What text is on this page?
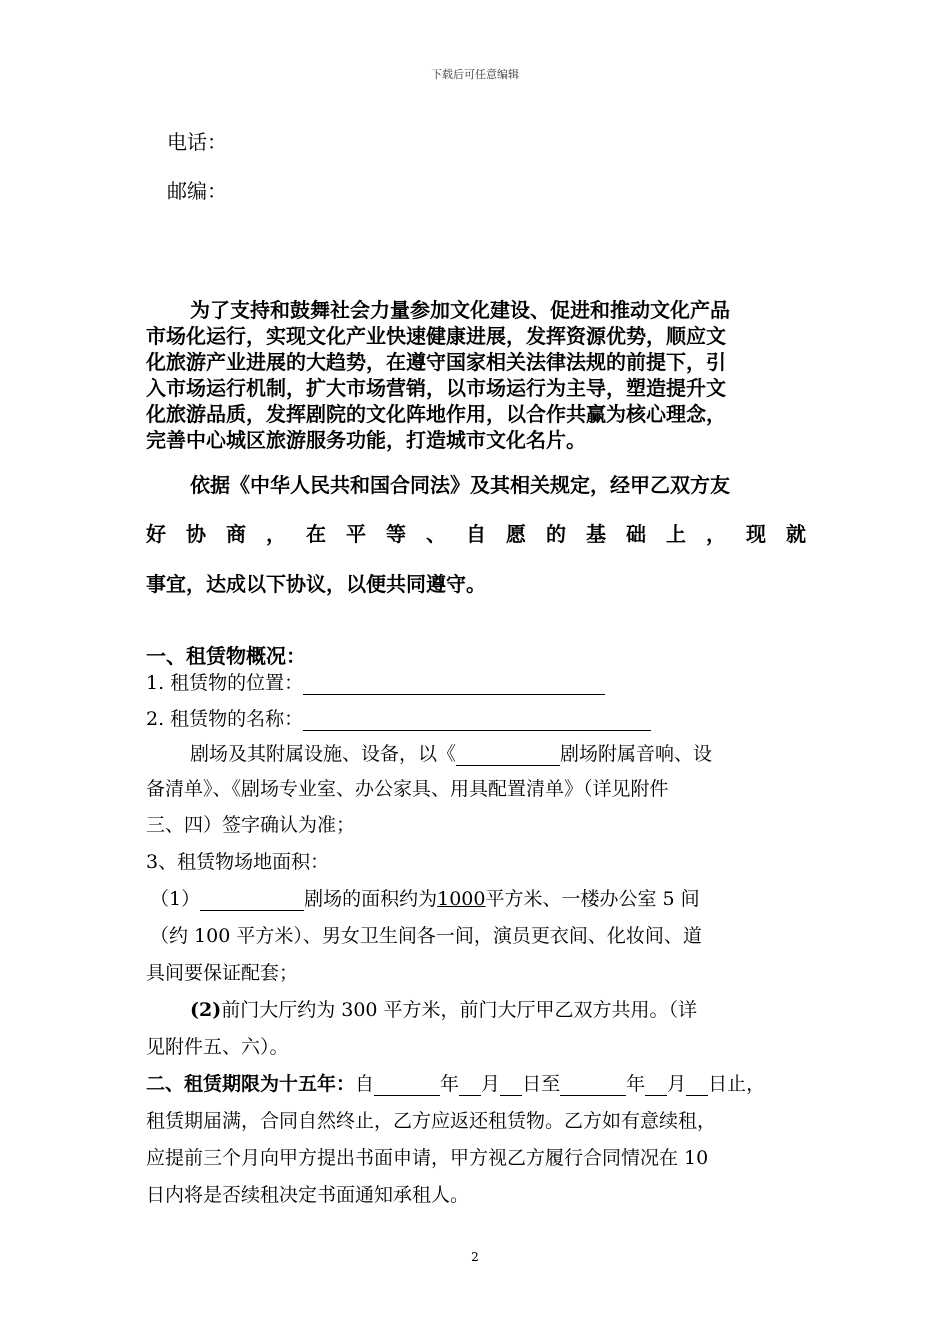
下载后可任意编辑
电话：
邮编：
为了支持和鼓舞社会力量参加文化建设、促进和推动文化产品
市场化运行，实现文化产业快速健康进展，发挥资源优势，顺应文
化旅游产业进展的大趋势，在遵守国家相关法律法规的前提下，引
入市场运行机制，扩大市场营销，以市场运行为主导，塑造提升文
化旅游品质，发挥剧院的文化阵地作用，以合作共赢为核心理念，
完善中心城区旅游服务功能，打造城市文化名片。
依据《中华人民共和国合同法》及其相关规定，经甲乙双方友
好 协 商 ， 在 平 等 、 自 愿 的 基 础 上 ， 现 就
事宜，达成以下协议，以便共同遵守。
一、租赁物概况：
1. 租赁物的位置：
2. 租赁物的名称：
剧场及其附属设施、设备，以《	剧场附属音响、设
备清单》、《剧场专业室、办公家具、用具配置清单》（详见附件
三、四）签字确认为准；
3、租赁物场地面积：
（1）	剧场的面积约为1000平方米、一楼办公室 5 间
（约 100 平方米）、男女卫生间各一间，演员更衣间、化妆间、道
具间要保证配套；
(2)前门大厅约为 300 平方米，前门大厅甲乙双方共用。（详
见附件五、六）。
二、租赁期限为十五年：自	年 月 日至	年 月 日止，
租赁期届满，合同自然终止，乙方应返还租赁物。乙方如有意续租，
应提前三个月向甲方提出书面申请，甲方视乙方履行合同情况在 10
日内将是否续租决定书面通知承租人。
2
